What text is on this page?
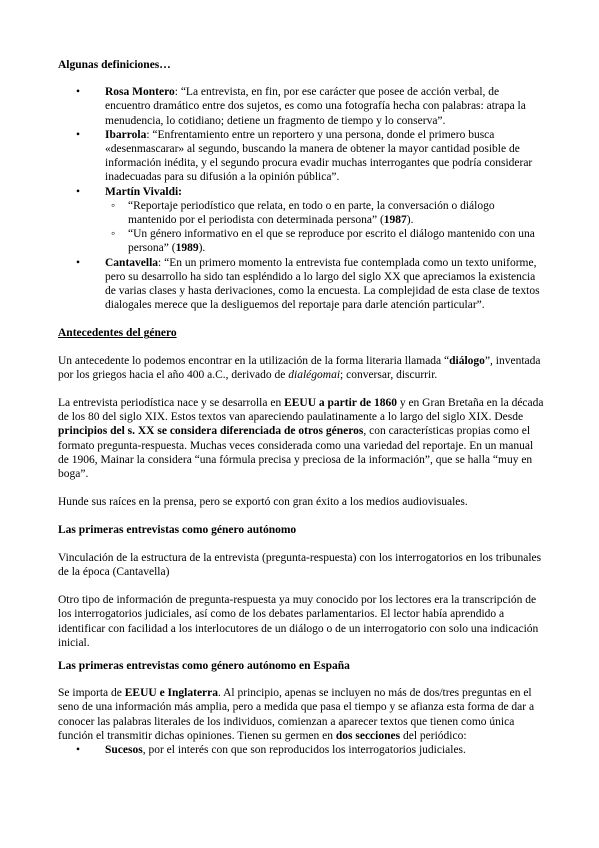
Algunas definiciones…

• Rosa Montero: “La entrevista, en fin, por ese carácter que posee de acción verbal, de encuentro dramático entre dos sujetos, es como una fotografía hecha con palabras: atrapa la menudencia, lo cotidiano; detiene un fragmento de tiempo y lo conserva”.
• Ibarrola: “Enfrentamiento entre un reportero y una persona, donde el primero busca «desenmascarar» al segundo, buscando la manera de obtener la mayor cantidad posible de información inédita, y el segundo procura evadir muchas interrogantes que podría considerar inadecuadas para su difusión a la opinión pública”.
• Martín Vivaldi:
◦ “Reportaje periodístico que relata, en todo o en parte, la conversación o diálogo mantenido por el periodista con determinada persona” (1987).
◦ “Un género informativo en el que se reproduce por escrito el diálogo mantenido con una persona” (1989).
• Cantavella: “En un primero momento la entrevista fue contemplada como un texto uniforme, pero su desarrollo ha sido tan espléndido a lo largo del siglo XX que apreciamos la existencia de varias clases y hasta derivaciones, como la encuesta. La complejidad de esta clase de textos dialogales merece que la desliguemos del reportaje para darle atención particular”.

Antecedentes del género

Un antecedente lo podemos encontrar en la utilización de la forma literaria llamada “diálogo”, inventada por los griegos hacia el año 400 a.C., derivado de dialégomai; conversar, discurrir.

La entrevista periodística nace y se desarrolla en EEUU a partir de 1860 y en Gran Bretaña en la década de los 80 del siglo XIX. Estos textos van apareciendo paulatinamente a lo largo del siglo XIX. Desde principios del s. XX se considera diferenciada de otros géneros, con características propias como el formato pregunta-respuesta. Muchas veces considerada como una variedad del reportaje. En un manual de 1906, Mainar la considera “una fórmula precisa y preciosa de la información”, que se halla “muy en boga”.

Hunde sus raíces en la prensa, pero se exportó con gran éxito a los medios audiovisuales.

Las primeras entrevistas como género autónomo

Vinculación de la estructura de la entrevista (pregunta-respuesta) con los interrogatorios en los tribunales de la época (Cantavella)

Otro tipo de información de pregunta-respuesta ya muy conocido por los lectores era la transcripción de los interrogatorios judiciales, así como de los debates parlamentarios. El lector había aprendido a identificar con facilidad a los interlocutores de un diálogo o de un interrogatorio con solo una indicación inicial.

Las primeras entrevistas como género autónomo en España

Se importa de EEUU e Inglaterra. Al principio, apenas se incluyen no más de dos/tres preguntas en el seno de una información más amplia, pero a medida que pasa el tiempo y se afianza esta forma de dar a conocer las palabras literales de los individuos, comienzan a aparecer textos que tienen como única función el transmitir dichas opiniones. Tienen su germen en dos secciones del periódico:

• Sucesos, por el interés con que son reproducidos los interrogatorios judiciales.
